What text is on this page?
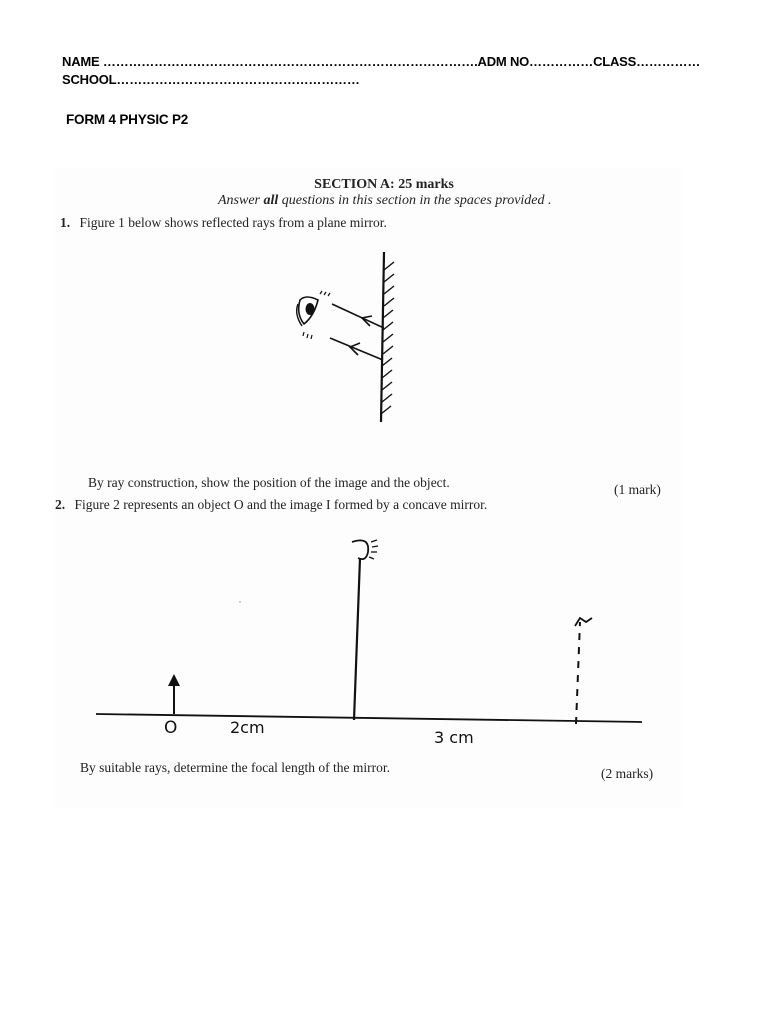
NAME …………………………………………………………………………….ADM NO……………CLASS……………
SCHOOL…………………………………………………
FORM 4 PHYSIC P2
SECTION A: 25 marks
Answer all questions in this section in the spaces provided .
1. Figure 1 below shows reflected rays from a plane mirror.
By ray construction, show the position of the image and the object.	(1 mark)
2. Figure 2 represents an object O and the image I formed by a concave mirror.
O	2cm
3 cm
By suitable rays, determine the focal length of the mirror.	(2 marks)
